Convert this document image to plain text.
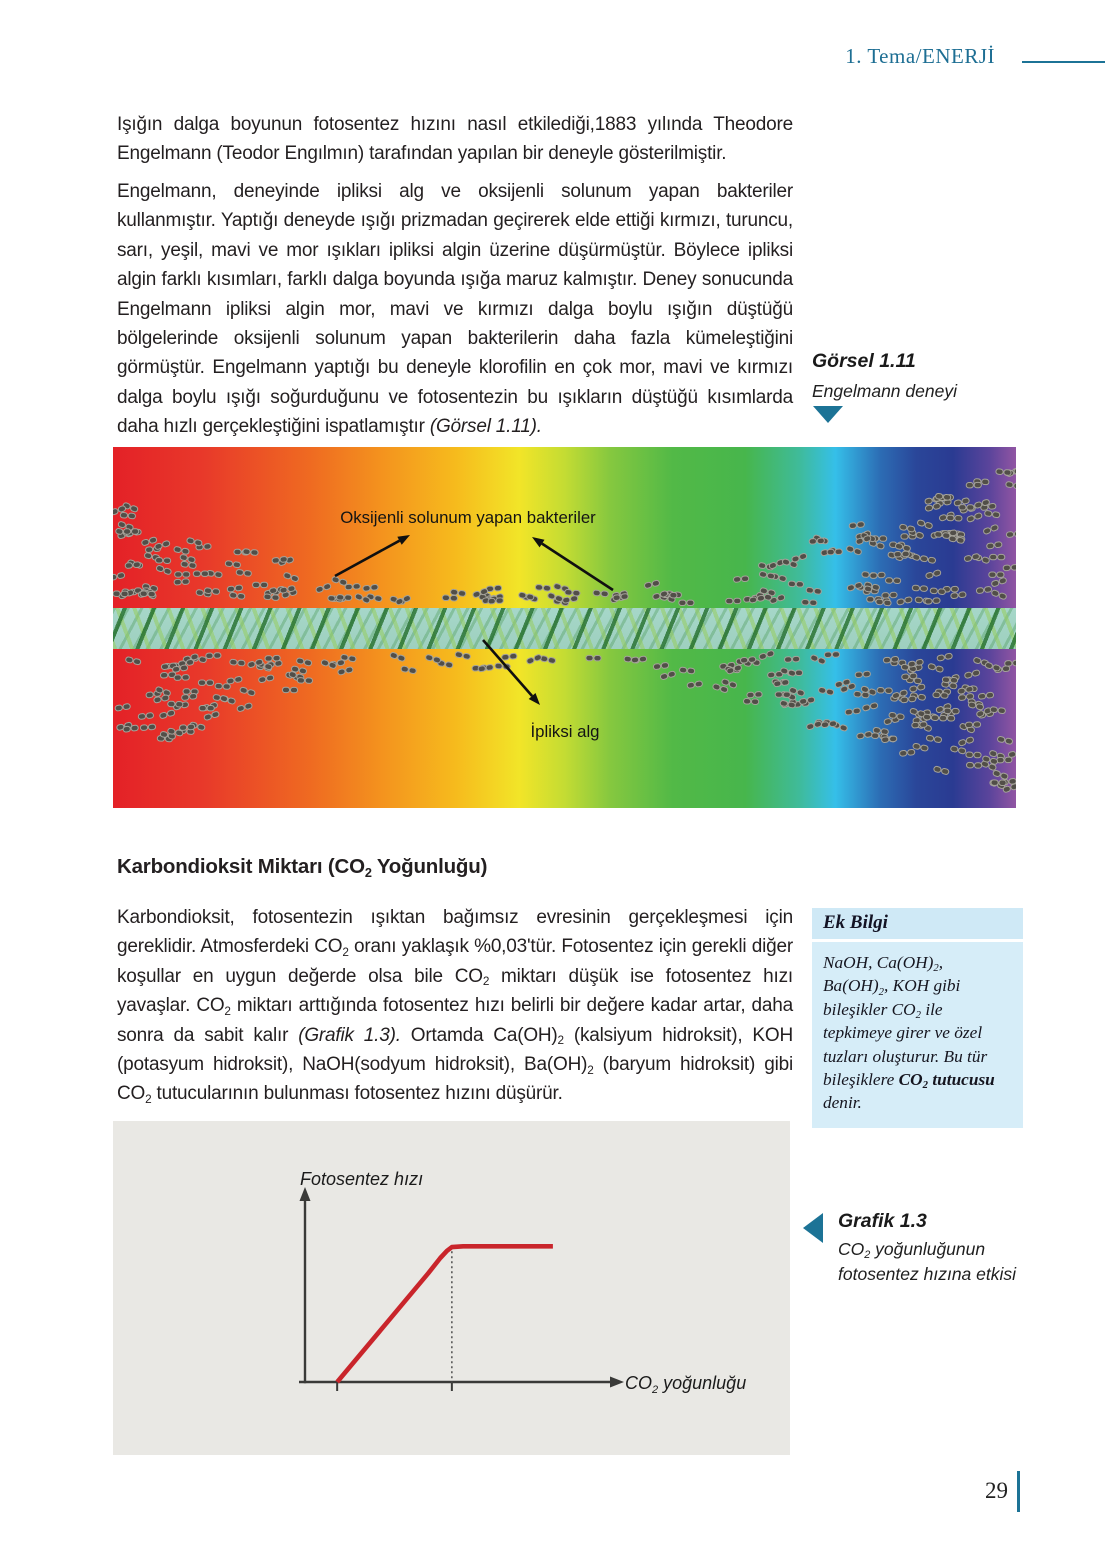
1. Tema/ENERJİ

Işığın dalga boyunun fotosentez hızını nasıl etkilediği,1883 yılında Theodore Engelmann (Teodor Engılmın) tarafından yapılan bir deneyle gösterilmiştir.

Engelmann, deneyinde ipliksi alg ve oksijenli solunum yapan bakteriler kullanmıştır. Yaptığı deneyde ışığı prizmadan geçirerek elde ettiği kırmızı, turuncu, sarı, yeşil, mavi ve mor ışıkları ipliksi algin üzerine düşürmüştür. Böylece ipliksi algin farklı kısımları, farklı dalga boyunda ışığa maruz kalmıştır. Deney sonucunda Engelmann ipliksi algin mor, mavi ve kırmızı dalga boylu ışığın düştüğü bölgelerinde oksijenli solunum yapan bakterilerin daha fazla kümeleştiğini görmüştür. Engelmann yaptığı bu deneyle klorofilin en çok mor, mavi ve kırmızı dalga boylu ışığı soğurduğunu ve fotosentezin bu ışıkların düştüğü kısımlarda daha hızlı gerçekleştiğini ispatlamıştır (Görsel 1.11).

Görsel 1.11
Engelmann deneyi
Oksijenli solunum yapan bakteriler
İpliksi alg
Karbondioksit Miktarı ($CO_2$ Yoğunluğu)

Karbondioksit, fotosentezin ışıktan bağımsız evresinin gerçekleşmesi için gereklidir. Atmosferdeki $CO_2$ oranı yaklaşık %0,03'tür. Fotosentez için gerekli diğer koşullar en uygun değerde olsa bile $CO_2$ miktarı düşük ise fotosentez hızı yavaşlar. $CO_2$ miktarı arttığında fotosentez hızı belirli bir değere kadar artar, daha sonra da sabit kalır (Grafik 1.3). Ortamda $Ca(OH)_2$ (kalsiyum hidroksit), KOH (potasyum hidroksit), NaOH(sodyum hidroksit), $Ba(OH)_2$ (baryum hidroksit) gibi $CO_2$ tutucularının bulunması fotosentez hızını düşürür.

Ek Bilgi
NaOH, $Ca(OH)_2$, $Ba(OH)_2$, KOH gibi bileşikler $CO_2$ ile tepkimeye girer ve özel tuzları oluşturur. Bu tür bileşiklere $CO_2$ tutucusu denir.
Fotosentez hızı
$CO_2$ yoğunluğu
Grafik 1.3
$CO_2$ yoğunluğunun fotosentez hızına etkisi
29
